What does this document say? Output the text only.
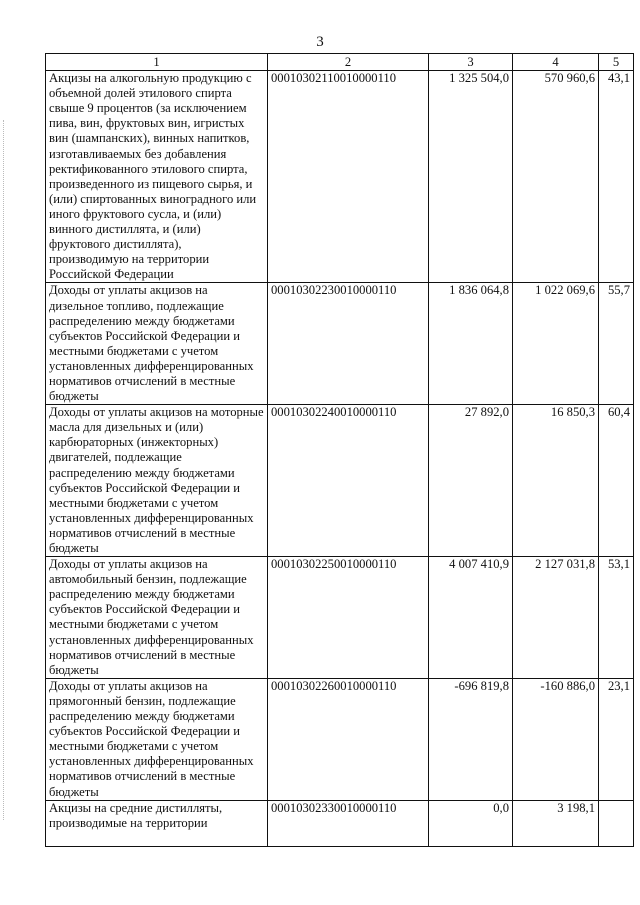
3
1	2	3	4	5
Акцизы на алкогольную продукцию с объемной долей этилового спирта свыше 9 процентов (за исключением пива, вин, фруктовых вин, игристых вин (шампанских), винных напитков, изготавливаемых без добавления ректификованного этилового спирта, произведенного из пищевого сырья, и (или) спиртованных виноградного или иного фруктового сусла, и (или) винного дистиллята, и (или) фруктового дистиллята), производимую на территории Российской Федерации	00010302110010000110	1 325 504,0	570 960,6	43,1
Доходы от уплаты акцизов на дизельное топливо, подлежащие распределению между бюджетами субъектов Российской Федерации и местными бюджетами с учетом установленных дифференцированных нормативов отчислений в местные бюджеты	00010302230010000110	1 836 064,8	1 022 069,6	55,7
Доходы от уплаты акцизов на моторные масла для дизельных и (или) карбюраторных (инжекторных) двигателей, подлежащие распределению между бюджетами субъектов Российской Федерации и местными бюджетами с учетом установленных дифференцированных нормативов отчислений в местные бюджеты	00010302240010000110	27 892,0	16 850,3	60,4
Доходы от уплаты акцизов на автомобильный бензин, подлежащие распределению между бюджетами субъектов Российской Федерации и местными бюджетами с учетом установленных дифференцированных нормативов отчислений в местные бюджеты	00010302250010000110	4 007 410,9	2 127 031,8	53,1
Доходы от уплаты акцизов на прямогонный бензин, подлежащие распределению между бюджетами субъектов Российской Федерации и местными бюджетами с учетом установленных дифференцированных нормативов отчислений в местные бюджеты	00010302260010000110	-696 819,8	-160 886,0	23,1
Акцизы на средние дистилляты, производимые на территории	00010302330010000110	0,0	3 198,1	
